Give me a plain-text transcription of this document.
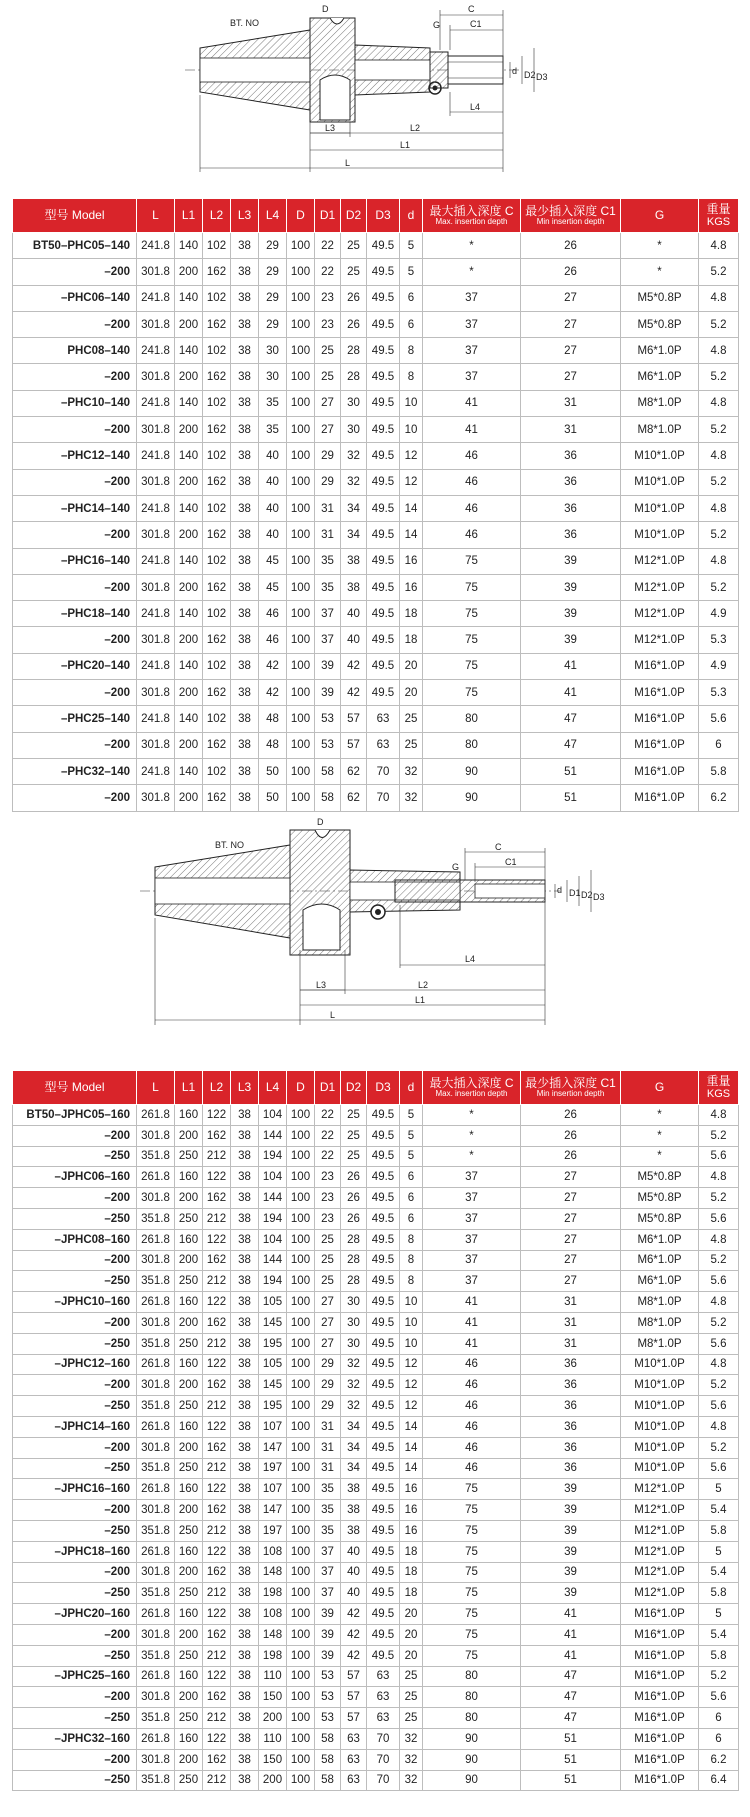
BT. NO
D
G
C
C1
d D2 D3
L4
L3	L2
L1
L
型号 Model	L	L1	L2	L3	L4	D	D1	D2	D3	d	最大插入深度 C
Max. insertion depth	最少插入深度 C1
Min insertion depth	G	重量
KGS

BT50–PHC05–140	241.8	140	102	38	29	100	22	25	49.5	5	*	26	*	4.8
–200	301.8	200	162	38	29	100	22	25	49.5	5	*	26	*	5.2
–PHC06–140	241.8	140	102	38	29	100	23	26	49.5	6	37	27	M5*0.8P	4.8
–200	301.8	200	162	38	29	100	23	26	49.5	6	37	27	M5*0.8P	5.2
PHC08–140	241.8	140	102	38	30	100	25	28	49.5	8	37	27	M6*1.0P	4.8
–200	301.8	200	162	38	30	100	25	28	49.5	8	37	27	M6*1.0P	5.2
–PHC10–140	241.8	140	102	38	35	100	27	30	49.5	10	41	31	M8*1.0P	4.8
–200	301.8	200	162	38	35	100	27	30	49.5	10	41	31	M8*1.0P	5.2
–PHC12–140	241.8	140	102	38	40	100	29	32	49.5	12	46	36	M10*1.0P	4.8
–200	301.8	200	162	38	40	100	29	32	49.5	12	46	36	M10*1.0P	5.2
–PHC14–140	241.8	140	102	38	40	100	31	34	49.5	14	46	36	M10*1.0P	4.8
–200	301.8	200	162	38	40	100	31	34	49.5	14	46	36	M10*1.0P	5.2
–PHC16–140	241.8	140	102	38	45	100	35	38	49.5	16	75	39	M12*1.0P	4.8
–200	301.8	200	162	38	45	100	35	38	49.5	16	75	39	M12*1.0P	5.2
–PHC18–140	241.8	140	102	38	46	100	37	40	49.5	18	75	39	M12*1.0P	4.9
–200	301.8	200	162	38	46	100	37	40	49.5	18	75	39	M12*1.0P	5.3
–PHC20–140	241.8	140	102	38	42	100	39	42	49.5	20	75	41	M16*1.0P	4.9
–200	301.8	200	162	38	42	100	39	42	49.5	20	75	41	M16*1.0P	5.3
–PHC25–140	241.8	140	102	38	48	100	53	57	63	25	80	47	M16*1.0P	5.6
–200	301.8	200	162	38	48	100	53	57	63	25	80	47	M16*1.0P	6
–PHC32–140	241.8	140	102	38	50	100	58	62	70	32	90	51	M16*1.0P	5.8
–200	301.8	200	162	38	50	100	58	62	70	32	90	51	M16*1.0P	6.2
BT. NO
D
G
C
C1
d D1 D2 D3
L4
L3	L2
L1
L
型号 Model	L	L1	L2	L3	L4	D	D1	D2	D3	d	最大插入深度 C
Max. insertion depth	最少插入深度 C1
Min insertion depth	G	重量
KGS

BT50–JPHC05–160	261.8	160	122	38	104	100	22	25	49.5	5	*	26	*	4.8
–200	301.8	200	162	38	144	100	22	25	49.5	5	*	26	*	5.2
–250	351.8	250	212	38	194	100	22	25	49.5	5	*	26	*	5.6
–JPHC06–160	261.8	160	122	38	104	100	23	26	49.5	6	37	27	M5*0.8P	4.8
–200	301.8	200	162	38	144	100	23	26	49.5	6	37	27	M5*0.8P	5.2
–250	351.8	250	212	38	194	100	23	26	49.5	6	37	27	M5*0.8P	5.6
–JPHC08–160	261.8	160	122	38	104	100	25	28	49.5	8	37	27	M6*1.0P	4.8
–200	301.8	200	162	38	144	100	25	28	49.5	8	37	27	M6*1.0P	5.2
–250	351.8	250	212	38	194	100	25	28	49.5	8	37	27	M6*1.0P	5.6
–JPHC10–160	261.8	160	122	38	105	100	27	30	49.5	10	41	31	M8*1.0P	4.8
–200	301.8	200	162	38	145	100	27	30	49.5	10	41	31	M8*1.0P	5.2
–250	351.8	250	212	38	195	100	27	30	49.5	10	41	31	M8*1.0P	5.6
–JPHC12–160	261.8	160	122	38	105	100	29	32	49.5	12	46	36	M10*1.0P	4.8
–200	301.8	200	162	38	145	100	29	32	49.5	12	46	36	M10*1.0P	5.2
–250	351.8	250	212	38	195	100	29	32	49.5	12	46	36	M10*1.0P	5.6
–JPHC14–160	261.8	160	122	38	107	100	31	34	49.5	14	46	36	M10*1.0P	4.8
–200	301.8	200	162	38	147	100	31	34	49.5	14	46	36	M10*1.0P	5.2
–250	351.8	250	212	38	197	100	31	34	49.5	14	46	36	M10*1.0P	5.6
–JPHC16–160	261.8	160	122	38	107	100	35	38	49.5	16	75	39	M12*1.0P	5
–200	301.8	200	162	38	147	100	35	38	49.5	16	75	39	M12*1.0P	5.4
–250	351.8	250	212	38	197	100	35	38	49.5	16	75	39	M12*1.0P	5.8
–JPHC18–160	261.8	160	122	38	108	100	37	40	49.5	18	75	39	M12*1.0P	5
–200	301.8	200	162	38	148	100	37	40	49.5	18	75	39	M12*1.0P	5.4
–250	351.8	250	212	38	198	100	37	40	49.5	18	75	39	M12*1.0P	5.8
–JPHC20–160	261.8	160	122	38	108	100	39	42	49.5	20	75	41	M16*1.0P	5
–200	301.8	200	162	38	148	100	39	42	49.5	20	75	41	M16*1.0P	5.4
–250	351.8	250	212	38	198	100	39	42	49.5	20	75	41	M16*1.0P	5.8
–JPHC25–160	261.8	160	122	38	110	100	53	57	63	25	80	47	M16*1.0P	5.2
–200	301.8	200	162	38	150	100	53	57	63	25	80	47	M16*1.0P	5.6
–250	351.8	250	212	38	200	100	53	57	63	25	80	47	M16*1.0P	6
–JPHC32–160	261.8	160	122	38	110	100	58	63	70	32	90	51	M16*1.0P	6
–200	301.8	200	162	38	150	100	58	63	70	32	90	51	M16*1.0P	6.2
–250	351.8	250	212	38	200	100	58	63	70	32	90	51	M16*1.0P	6.4
